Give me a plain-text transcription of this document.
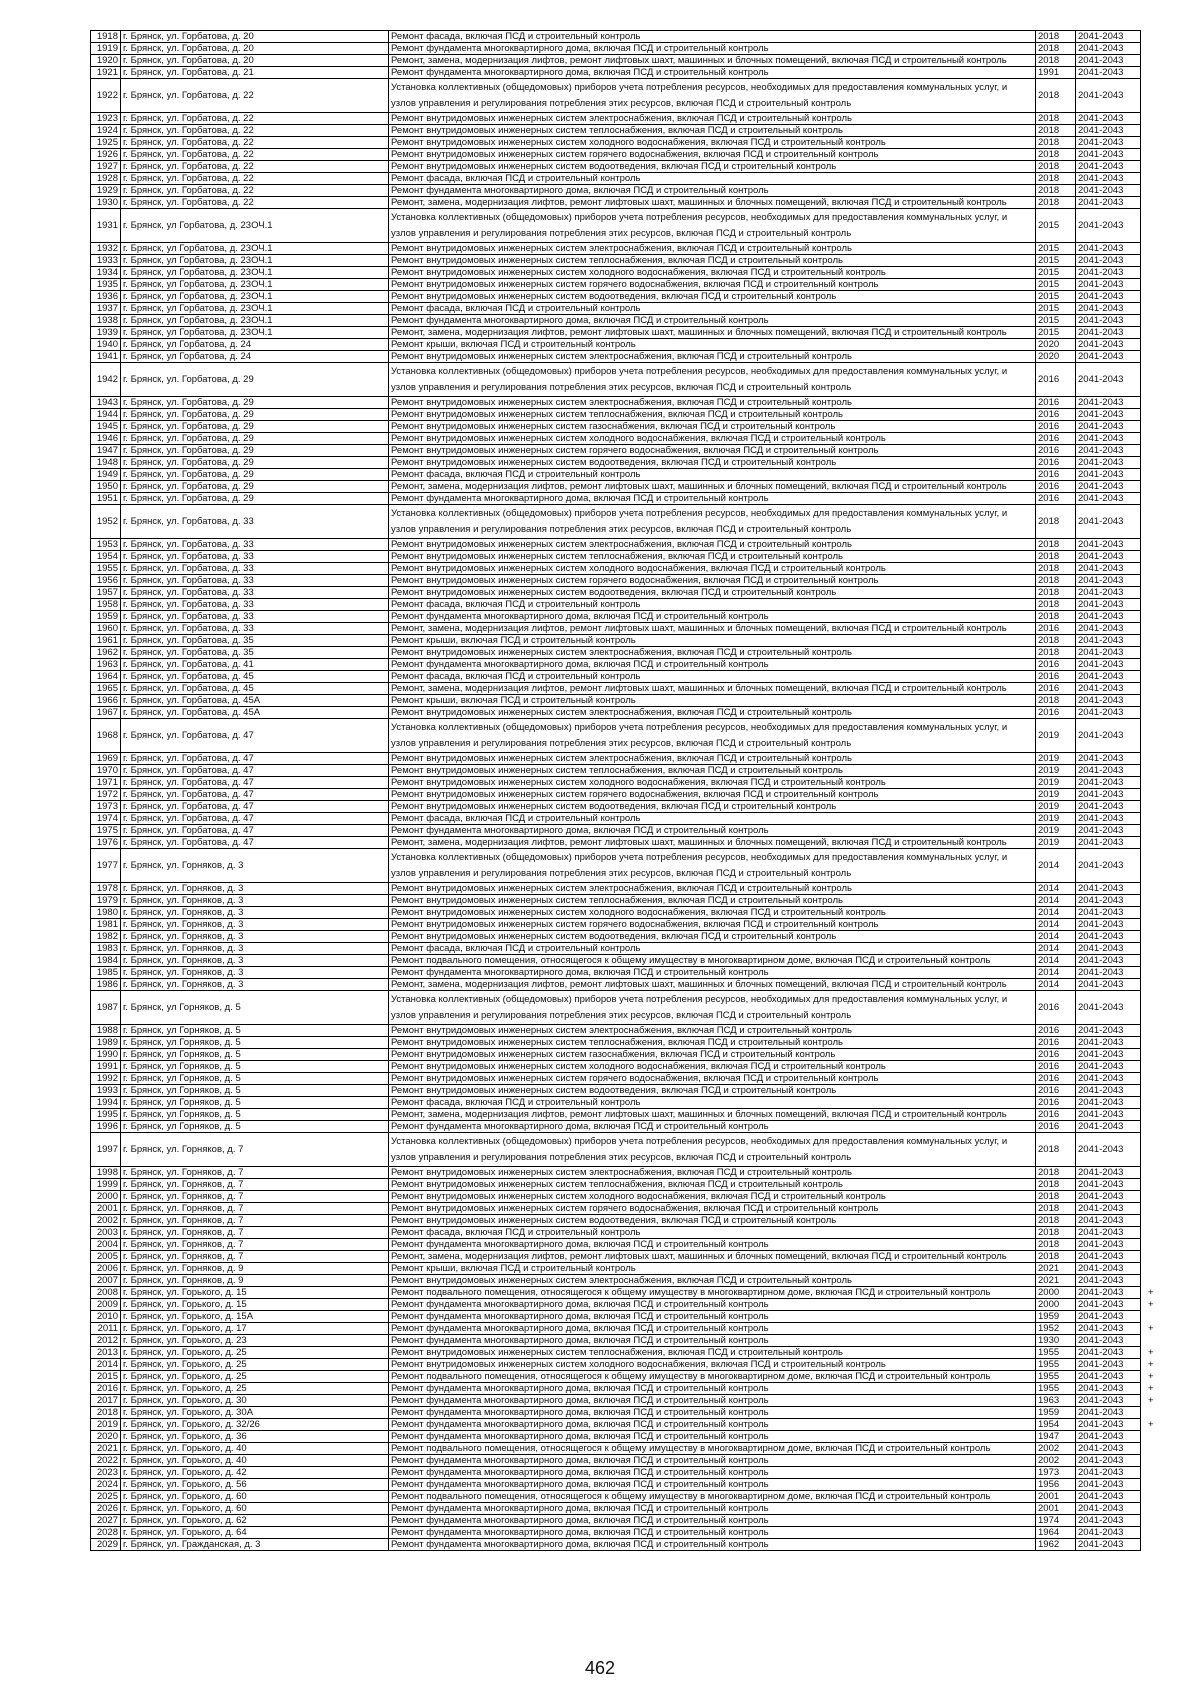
1918	г. Брянск, ул. Горбатова, д. 20	Ремонт фасада, включая ПСД и строительный контроль	2018	2041-2043	
1919	г. Брянск, ул. Горбатова, д. 20	Ремонт фундамента многоквартирного дома, включая ПСД и строительный контроль	2018	2041-2043	
1920	г. Брянск, ул. Горбатова, д. 20	Ремонт, замена, модернизация лифтов, ремонт лифтовых шахт, машинных и блочных помещений, включая ПСД и строительный контроль	2018	2041-2043	
1921	г. Брянск, ул. Горбатова, д. 21	Ремонт фундамента многоквартирного дома, включая ПСД и строительный контроль	1991	2041-2043	
1922	г. Брянск, ул. Горбатова, д. 22	Установка коллективных (общедомовых) приборов учета потребления ресурсов, необходимых для предоставления коммунальных услуг, и узлов управления и регулирования потребления этих ресурсов, включая ПСД и строительный контроль	2018	2041-2043	
1923	г. Брянск, ул. Горбатова, д. 22	Ремонт внутридомовых инженерных систем электроснабжения, включая ПСД и строительный контроль	2018	2041-2043	
1924	г. Брянск, ул. Горбатова, д. 22	Ремонт внутридомовых инженерных систем теплоснабжения, включая ПСД и строительный контроль	2018	2041-2043	
1925	г. Брянск, ул. Горбатова, д. 22	Ремонт внутридомовых инженерных систем холодного водоснабжения, включая ПСД и строительный контроль	2018	2041-2043	
1926	г. Брянск, ул. Горбатова, д. 22	Ремонт внутридомовых инженерных систем горячего водоснабжения, включая ПСД и строительный контроль	2018	2041-2043	
1927	г. Брянск, ул. Горбатова, д. 22	Ремонт внутридомовых инженерных систем водоотведения, включая ПСД и строительный контроль	2018	2041-2043	
1928	г. Брянск, ул. Горбатова, д. 22	Ремонт фасада, включая ПСД и строительный контроль	2018	2041-2043	
1929	г. Брянск, ул. Горбатова, д. 22	Ремонт фундамента многоквартирного дома, включая ПСД и строительный контроль	2018	2041-2043	
1930	г. Брянск, ул. Горбатова, д. 22	Ремонт, замена, модернизация лифтов, ремонт лифтовых шахт, машинных и блочных помещений, включая ПСД и строительный контроль	2018	2041-2043	
1931	г. Брянск, ул Горбатова, д. 23ОЧ.1	Установка коллективных (общедомовых) приборов учета потребления ресурсов, необходимых для предоставления коммунальных услуг, и узлов управления и регулирования потребления этих ресурсов, включая ПСД и строительный контроль	2015	2041-2043	
1932	г. Брянск, ул Горбатова, д. 23ОЧ.1	Ремонт внутридомовых инженерных систем электроснабжения, включая ПСД и строительный контроль	2015	2041-2043	
1933	г. Брянск, ул Горбатова, д. 23ОЧ.1	Ремонт внутридомовых инженерных систем теплоснабжения, включая ПСД и строительный контроль	2015	2041-2043	
1934	г. Брянск, ул Горбатова, д. 23ОЧ.1	Ремонт внутридомовых инженерных систем холодного водоснабжения, включая ПСД и строительный контроль	2015	2041-2043	
1935	г. Брянск, ул Горбатова, д. 23ОЧ.1	Ремонт внутридомовых инженерных систем горячего водоснабжения, включая ПСД и строительный контроль	2015	2041-2043	
1936	г. Брянск, ул Горбатова, д. 23ОЧ.1	Ремонт внутридомовых инженерных систем водоотведения, включая ПСД и строительный контроль	2015	2041-2043	
1937	г. Брянск, ул Горбатова, д. 23ОЧ.1	Ремонт фасада, включая ПСД и строительный контроль	2015	2041-2043	
1938	г. Брянск, ул Горбатова, д. 23ОЧ.1	Ремонт фундамента многоквартирного дома, включая ПСД и строительный контроль	2015	2041-2043	
1939	г. Брянск, ул Горбатова, д. 23ОЧ.1	Ремонт, замена, модернизация лифтов, ремонт лифтовых шахт, машинных и блочных помещений, включая ПСД и строительный контроль	2015	2041-2043	
1940	г. Брянск, ул Горбатова, д. 24	Ремонт крыши, включая ПСД и строительный контроль	2020	2041-2043	
1941	г. Брянск, ул Горбатова, д. 24	Ремонт внутридомовых инженерных систем электроснабжения, включая ПСД и строительный контроль	2020	2041-2043	
1942	г. Брянск, ул. Горбатова, д. 29	Установка коллективных (общедомовых) приборов учета потребления ресурсов, необходимых для предоставления коммунальных услуг, и узлов управления и регулирования потребления этих ресурсов, включая ПСД и строительный контроль	2016	2041-2043	
1943	г. Брянск, ул. Горбатова, д. 29	Ремонт внутридомовых инженерных систем электроснабжения, включая ПСД и строительный контроль	2016	2041-2043	
1944	г. Брянск, ул. Горбатова, д. 29	Ремонт внутридомовых инженерных систем теплоснабжения, включая ПСД и строительный контроль	2016	2041-2043	
1945	г. Брянск, ул. Горбатова, д. 29	Ремонт внутридомовых инженерных систем газоснабжения, включая ПСД и строительный контроль	2016	2041-2043	
1946	г. Брянск, ул. Горбатова, д. 29	Ремонт внутридомовых инженерных систем холодного водоснабжения, включая ПСД и строительный контроль	2016	2041-2043	
1947	г. Брянск, ул. Горбатова, д. 29	Ремонт внутридомовых инженерных систем горячего водоснабжения, включая ПСД и строительный контроль	2016	2041-2043	
1948	г. Брянск, ул. Горбатова, д. 29	Ремонт внутридомовых инженерных систем водоотведения, включая ПСД и строительный контроль	2016	2041-2043	
1949	г. Брянск, ул. Горбатова, д. 29	Ремонт фасада, включая ПСД и строительный контроль	2016	2041-2043	
1950	г. Брянск, ул. Горбатова, д. 29	Ремонт, замена, модернизация лифтов, ремонт лифтовых шахт, машинных и блочных помещений, включая ПСД и строительный контроль	2016	2041-2043	
1951	г. Брянск, ул. Горбатова, д. 29	Ремонт фундамента многоквартирного дома, включая ПСД и строительный контроль	2016	2041-2043	
1952	г. Брянск, ул. Горбатова, д. 33	Установка коллективных (общедомовых) приборов учета потребления ресурсов, необходимых для предоставления коммунальных услуг, и узлов управления и регулирования потребления этих ресурсов, включая ПСД и строительный контроль	2018	2041-2043	
1953	г. Брянск, ул. Горбатова, д. 33	Ремонт внутридомовых инженерных систем электроснабжения, включая ПСД и строительный контроль	2018	2041-2043	
1954	г. Брянск, ул. Горбатова, д. 33	Ремонт внутридомовых инженерных систем теплоснабжения, включая ПСД и строительный контроль	2018	2041-2043	
1955	г. Брянск, ул. Горбатова, д. 33	Ремонт внутридомовых инженерных систем холодного водоснабжения, включая ПСД и строительный контроль	2018	2041-2043	
1956	г. Брянск, ул. Горбатова, д. 33	Ремонт внутридомовых инженерных систем горячего водоснабжения, включая ПСД и строительный контроль	2018	2041-2043	
1957	г. Брянск, ул. Горбатова, д. 33	Ремонт внутридомовых инженерных систем водоотведения, включая ПСД и строительный контроль	2018	2041-2043	
1958	г. Брянск, ул. Горбатова, д. 33	Ремонт фасада, включая ПСД и строительный контроль	2018	2041-2043	
1959	г. Брянск, ул. Горбатова, д. 33	Ремонт фундамента многоквартирного дома, включая ПСД и строительный контроль	2018	2041-2043	
1960	г. Брянск, ул. Горбатова, д. 33	Ремонт, замена, модернизация лифтов, ремонт лифтовых шахт, машинных и блочных помещений, включая ПСД и строительный контроль	2016	2041-2043	
1961	г. Брянск, ул. Горбатова, д. 35	Ремонт крыши, включая ПСД и строительный контроль	2018	2041-2043	
1962	г. Брянск, ул. Горбатова, д. 35	Ремонт внутридомовых инженерных систем электроснабжения, включая ПСД и строительный контроль	2018	2041-2043	
1963	г. Брянск, ул. Горбатова, д. 41	Ремонт фундамента многоквартирного дома, включая ПСД и строительный контроль	2016	2041-2043	
1964	г. Брянск, ул. Горбатова, д. 45	Ремонт фасада, включая ПСД и строительный контроль	2016	2041-2043	
1965	г. Брянск, ул. Горбатова, д. 45	Ремонт, замена, модернизация лифтов, ремонт лифтовых шахт, машинных и блочных помещений, включая ПСД и строительный контроль	2016	2041-2043	
1966	г. Брянск, ул. Горбатова, д. 45А	Ремонт крыши, включая ПСД и строительный контроль	2018	2041-2043	
1967	г. Брянск, ул. Горбатова, д. 45А	Ремонт внутридомовых инженерных систем электроснабжения, включая ПСД и строительный контроль	2016	2041-2043	
1968	г. Брянск, ул. Горбатова, д. 47	Установка коллективных (общедомовых) приборов учета потребления ресурсов, необходимых для предоставления коммунальных услуг, и узлов управления и регулирования потребления этих ресурсов, включая ПСД и строительный контроль	2019	2041-2043	
1969	г. Брянск, ул. Горбатова, д. 47	Ремонт внутридомовых инженерных систем электроснабжения, включая ПСД и строительный контроль	2019	2041-2043	
1970	г. Брянск, ул. Горбатова, д. 47	Ремонт внутридомовых инженерных систем теплоснабжения, включая ПСД и строительный контроль	2019	2041-2043	
1971	г. Брянск, ул. Горбатова, д. 47	Ремонт внутридомовых инженерных систем холодного водоснабжения, включая ПСД и строительный контроль	2019	2041-2043	
1972	г. Брянск, ул. Горбатова, д. 47	Ремонт внутридомовых инженерных систем горячего водоснабжения, включая ПСД и строительный контроль	2019	2041-2043	
1973	г. Брянск, ул. Горбатова, д. 47	Ремонт внутридомовых инженерных систем водоотведения, включая ПСД и строительный контроль	2019	2041-2043	
1974	г. Брянск, ул. Горбатова, д. 47	Ремонт фасада, включая ПСД и строительный контроль	2019	2041-2043	
1975	г. Брянск, ул. Горбатова, д. 47	Ремонт фундамента многоквартирного дома, включая ПСД и строительный контроль	2019	2041-2043	
1976	г. Брянск, ул. Горбатова, д. 47	Ремонт, замена, модернизация лифтов, ремонт лифтовых шахт, машинных и блочных помещений, включая ПСД и строительный контроль	2019	2041-2043	
1977	г. Брянск, ул. Горняков, д. 3	Установка коллективных (общедомовых) приборов учета потребления ресурсов, необходимых для предоставления коммунальных услуг, и узлов управления и регулирования потребления этих ресурсов, включая ПСД и строительный контроль	2014	2041-2043	
1978	г. Брянск, ул. Горняков, д. 3	Ремонт внутридомовых инженерных систем электроснабжения, включая ПСД и строительный контроль	2014	2041-2043	
1979	г. Брянск, ул. Горняков, д. 3	Ремонт внутридомовых инженерных систем теплоснабжения, включая ПСД и строительный контроль	2014	2041-2043	
1980	г. Брянск, ул. Горняков, д. 3	Ремонт внутридомовых инженерных систем холодного водоснабжения, включая ПСД и строительный контроль	2014	2041-2043	
1981	г. Брянск, ул. Горняков, д. 3	Ремонт внутридомовых инженерных систем горячего водоснабжения, включая ПСД и строительный контроль	2014	2041-2043	
1982	г. Брянск, ул. Горняков, д. 3	Ремонт внутридомовых инженерных систем водоотведения, включая ПСД и строительный контроль	2014	2041-2043	
1983	г. Брянск, ул. Горняков, д. 3	Ремонт фасада, включая ПСД и строительный контроль	2014	2041-2043	
1984	г. Брянск, ул. Горняков, д. 3	Ремонт подвального помещения, относящегося к общему имуществу в многоквартирном доме, включая ПСД и строительный контроль	2014	2041-2043	
1985	г. Брянск, ул. Горняков, д. 3	Ремонт фундамента многоквартирного дома, включая ПСД и строительный контроль	2014	2041-2043	
1986	г. Брянск, ул. Горняков, д. 3	Ремонт, замена, модернизация лифтов, ремонт лифтовых шахт, машинных и блочных помещений, включая ПСД и строительный контроль	2014	2041-2043	
1987	г. Брянск, ул Горняков, д. 5	Установка коллективных (общедомовых) приборов учета потребления ресурсов, необходимых для предоставления коммунальных услуг, и узлов управления и регулирования потребления этих ресурсов, включая ПСД и строительный контроль	2016	2041-2043	
1988	г. Брянск, ул Горняков, д. 5	Ремонт внутридомовых инженерных систем электроснабжения, включая ПСД и строительный контроль	2016	2041-2043	
1989	г. Брянск, ул Горняков, д. 5	Ремонт внутридомовых инженерных систем теплоснабжения, включая ПСД и строительный контроль	2016	2041-2043	
1990	г. Брянск, ул Горняков, д. 5	Ремонт внутридомовых инженерных систем газоснабжения, включая ПСД и строительный контроль	2016	2041-2043	
1991	г. Брянск, ул Горняков, д. 5	Ремонт внутридомовых инженерных систем холодного водоснабжения, включая ПСД и строительный контроль	2016	2041-2043	
1992	г. Брянск, ул Горняков, д. 5	Ремонт внутридомовых инженерных систем горячего водоснабжения, включая ПСД и строительный контроль	2016	2041-2043	
1993	г. Брянск, ул Горняков, д. 5	Ремонт внутридомовых инженерных систем водоотведения, включая ПСД и строительный контроль	2016	2041-2043	
1994	г. Брянск, ул Горняков, д. 5	Ремонт фасада, включая ПСД и строительный контроль	2016	2041-2043	
1995	г. Брянск, ул Горняков, д. 5	Ремонт, замена, модернизация лифтов, ремонт лифтовых шахт, машинных и блочных помещений, включая ПСД и строительный контроль	2016	2041-2043	
1996	г. Брянск, ул Горняков, д. 5	Ремонт фундамента многоквартирного дома, включая ПСД и строительный контроль	2016	2041-2043	
1997	г. Брянск, ул. Горняков, д. 7	Установка коллективных (общедомовых) приборов учета потребления ресурсов, необходимых для предоставления коммунальных услуг, и узлов управления и регулирования потребления этих ресурсов, включая ПСД и строительный контроль	2018	2041-2043	
1998	г. Брянск, ул. Горняков, д. 7	Ремонт внутридомовых инженерных систем электроснабжения, включая ПСД и строительный контроль	2018	2041-2043	
1999	г. Брянск, ул. Горняков, д. 7	Ремонт внутридомовых инженерных систем теплоснабжения, включая ПСД и строительный контроль	2018	2041-2043	
2000	г. Брянск, ул. Горняков, д. 7	Ремонт внутридомовых инженерных систем холодного водоснабжения, включая ПСД и строительный контроль	2018	2041-2043	
2001	г. Брянск, ул. Горняков, д. 7	Ремонт внутридомовых инженерных систем горячего водоснабжения, включая ПСД и строительный контроль	2018	2041-2043	
2002	г. Брянск, ул. Горняков, д. 7	Ремонт внутридомовых инженерных систем водоотведения, включая ПСД и строительный контроль	2018	2041-2043	
2003	г. Брянск, ул. Горняков, д. 7	Ремонт фасада, включая ПСД и строительный контроль	2018	2041-2043	
2004	г. Брянск, ул. Горняков, д. 7	Ремонт фундамента многоквартирного дома, включая ПСД и строительный контроль	2018	2041-2043	
2005	г. Брянск, ул. Горняков, д. 7	Ремонт, замена, модернизация лифтов, ремонт лифтовых шахт, машинных и блочных помещений, включая ПСД и строительный контроль	2018	2041-2043	
2006	г. Брянск, ул. Горняков, д. 9	Ремонт крыши, включая ПСД и строительный контроль	2021	2041-2043	
2007	г. Брянск, ул. Горняков, д. 9	Ремонт внутридомовых инженерных систем электроснабжения, включая ПСД и строительный контроль	2021	2041-2043	
2008	г. Брянск, ул. Горького, д. 15	Ремонт подвального помещения, относящегося к общему имуществу в многоквартирном доме, включая ПСД и строительный контроль	2000	2041-2043	+
2009	г. Брянск, ул. Горького, д. 15	Ремонт фундамента многоквартирного дома, включая ПСД и строительный контроль	2000	2041-2043	+
2010	г. Брянск, ул. Горького, д. 15А	Ремонт фундамента многоквартирного дома, включая ПСД и строительный контроль	1959	2041-2043	
2011	г. Брянск, ул. Горького, д. 17	Ремонт фундамента многоквартирного дома, включая ПСД и строительный контроль	1952	2041-2043	+
2012	г. Брянск, ул. Горького, д. 23	Ремонт фундамента многоквартирного дома, включая ПСД и строительный контроль	1930	2041-2043	
2013	г. Брянск, ул. Горького, д. 25	Ремонт внутридомовых инженерных систем теплоснабжения, включая ПСД и строительный контроль	1955	2041-2043	+
2014	г. Брянск, ул. Горького, д. 25	Ремонт внутридомовых инженерных систем холодного водоснабжения, включая ПСД и строительный контроль	1955	2041-2043	+
2015	г. Брянск, ул. Горького, д. 25	Ремонт подвального помещения, относящегося к общему имуществу в многоквартирном доме, включая ПСД и строительный контроль	1955	2041-2043	+
2016	г. Брянск, ул. Горького, д. 25	Ремонт фундамента многоквартирного дома, включая ПСД и строительный контроль	1955	2041-2043	+
2017	г. Брянск, ул. Горького, д. 30	Ремонт фундамента многоквартирного дома, включая ПСД и строительный контроль	1963	2041-2043	+
2018	г. Брянск, ул. Горького, д. 30А	Ремонт фундамента многоквартирного дома, включая ПСД и строительный контроль	1959	2041-2043	
2019	г. Брянск, ул. Горького, д. 32/26	Ремонт фундамента многоквартирного дома, включая ПСД и строительный контроль	1954	2041-2043	+
2020	г. Брянск, ул. Горького, д. 36	Ремонт фундамента многоквартирного дома, включая ПСД и строительный контроль	1947	2041-2043	
2021	г. Брянск, ул. Горького, д. 40	Ремонт подвального помещения, относящегося к общему имуществу в многоквартирном доме, включая ПСД и строительный контроль	2002	2041-2043	
2022	г. Брянск, ул. Горького, д. 40	Ремонт фундамента многоквартирного дома, включая ПСД и строительный контроль	2002	2041-2043	
2023	г. Брянск, ул. Горького, д. 42	Ремонт фундамента многоквартирного дома, включая ПСД и строительный контроль	1973	2041-2043	
2024	г. Брянск, ул. Горького, д. 56	Ремонт фундамента многоквартирного дома, включая ПСД и строительный контроль	1956	2041-2043	
2025	г. Брянск, ул. Горького, д. 60	Ремонт подвального помещения, относящегося к общему имуществу в многоквартирном доме, включая ПСД и строительный контроль	2001	2041-2043	
2026	г. Брянск, ул. Горького, д. 60	Ремонт фундамента многоквартирного дома, включая ПСД и строительный контроль	2001	2041-2043	
2027	г. Брянск, ул. Горького, д. 62	Ремонт фундамента многоквартирного дома, включая ПСД и строительный контроль	1974	2041-2043	
2028	г. Брянск, ул. Горького, д. 64	Ремонт фундамента многоквартирного дома, включая ПСД и строительный контроль	1964	2041-2043	
2029	г. Брянск, ул. Гражданская, д. 3	Ремонт фундамента многоквартирного дома, включая ПСД и строительный контроль	1962	2041-2043	
462
